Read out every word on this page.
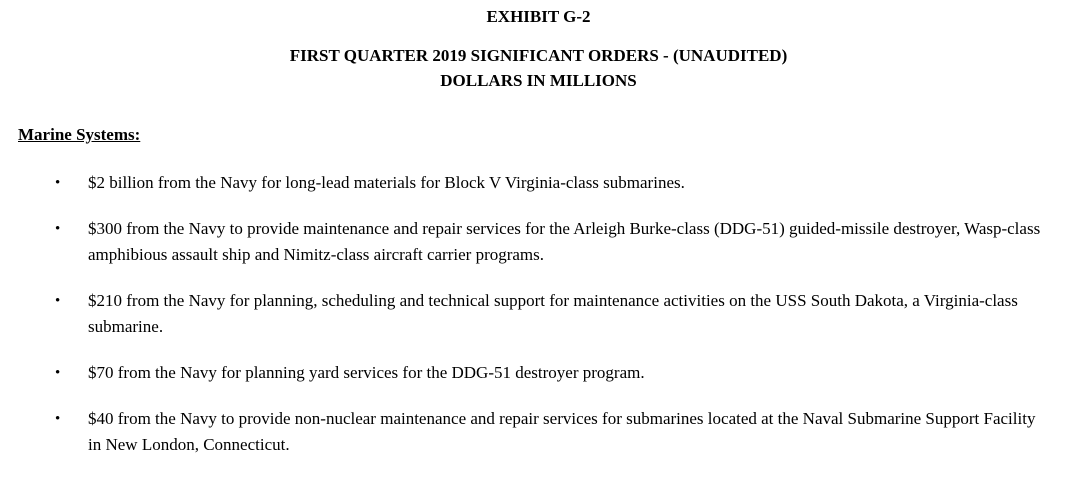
EXHIBIT G-2
FIRST QUARTER 2019 SIGNIFICANT ORDERS - (UNAUDITED)
DOLLARS IN MILLIONS
Marine Systems:
• $2 billion from the Navy for long-lead materials for Block V Virginia-class submarines.
• $300 from the Navy to provide maintenance and repair services for the Arleigh Burke-class (DDG-51) guided-missile destroyer, Wasp-class amphibious assault ship and Nimitz-class aircraft carrier programs.
• $210 from the Navy for planning, scheduling and technical support for maintenance activities on the USS South Dakota, a Virginia-class submarine.
• $70 from the Navy for planning yard services for the DDG-51 destroyer program.
• $40 from the Navy to provide non-nuclear maintenance and repair services for submarines located at the Naval Submarine Support Facility in New London, Connecticut.
